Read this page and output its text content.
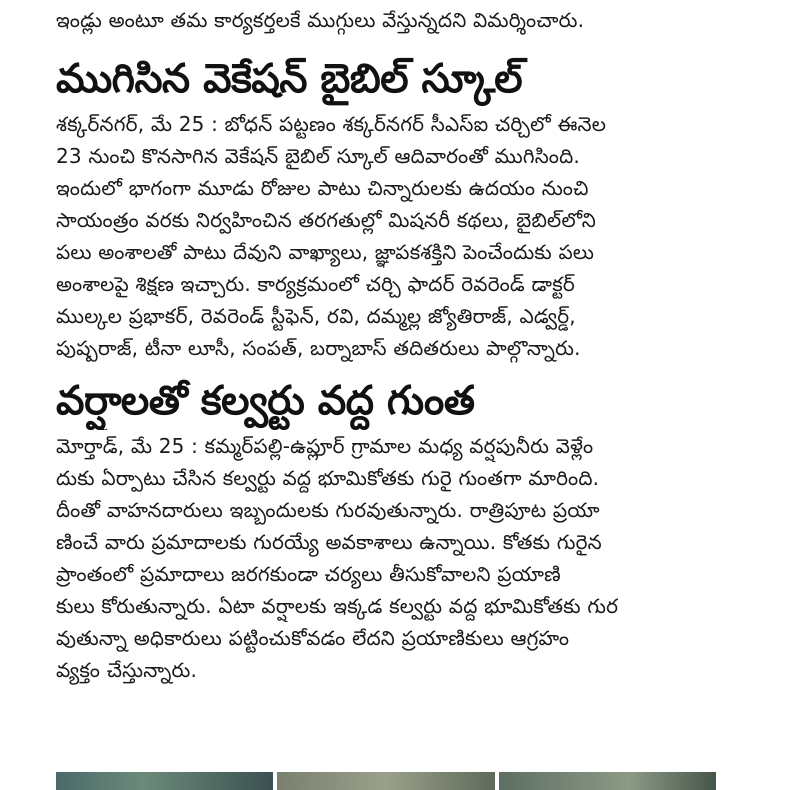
ఇండ్లు అంటూ తమ కార్యకర్తలకే ముగ్గులు వేస్తున్నదని విమర్శించారు.
ముగిసిన వెకేషన్ బైబిల్ స్కూల్
శక్కర్‌నగర్, మే 25 : బోధన్ పట్టణం శక్కర్‌నగర్ సీఎస్ఐ చర్చిలో ఈనెల
23 నుంచి కొనసాగిన వెకేషన్ బైబిల్ స్కూల్ ఆదివారంతో ముగిసింది.
ఇందులో భాగంగా మూడు రోజుల పాటు చిన్నారులకు ఉదయం నుంచి
సాయంత్రం వరకు నిర్వహించిన తరగతుల్లో మిషనరీ కథలు, బైబిల్‌లోని
పలు అంశాలతో పాటు దేవుని వాఖ్యాలు, జ్ఞాపకశక్తిని పెంచేందుకు పలు
అంశాలపై శిక్షణ ఇచ్చారు. కార్యక్రమంలో చర్చి ఫాదర్ రెవరెండ్ డాక్టర్
ముల్కల ప్రభాకర్, రెవరెండ్ స్టీఫెన్, రవి, దమ్మల్ల జ్యోతిరాజ్, ఎడ్వర్డ్,
పుష్పరాజ్, టీనా లూసీ, సంపత్, బర్నాబాస్ తదితరులు పాల్గొన్నారు.
వర్షాలతో కల్వర్టు వద్ద గుంత
మోర్తాడ్, మే 25 : కమ్మర్‌పల్లి-ఉప్లూర్ గ్రామాల మధ్య వర్షపునీరు వెళ్లేం
దుకు ఏర్పాటు చేసిన కల్వర్టు వద్ద భూమికోతకు గురై గుంతగా మారింది.
దీంతో వాహనదారులు ఇబ్బందులకు గురవుతున్నారు. రాత్రిపూట ప్రయా
ణించే వారు ప్రమాదాలకు గురయ్యే అవకాశాలు ఉన్నాయి. కోతకు గురైన
ప్రాంతంలో ప్రమాదాలు జరగకుండా చర్యలు తీసుకోవాలని ప్రయాణి
కులు కోరుతున్నారు. ఏటా వర్షాలకు ఇక్కడ కల్వర్టు వద్ద భూమికోతకు గుర
వుతున్నా అధికారులు పట్టించుకోవడం లేదని ప్రయాణికులు ఆగ్రహం
వ్యక్తం చేస్తున్నారు.
